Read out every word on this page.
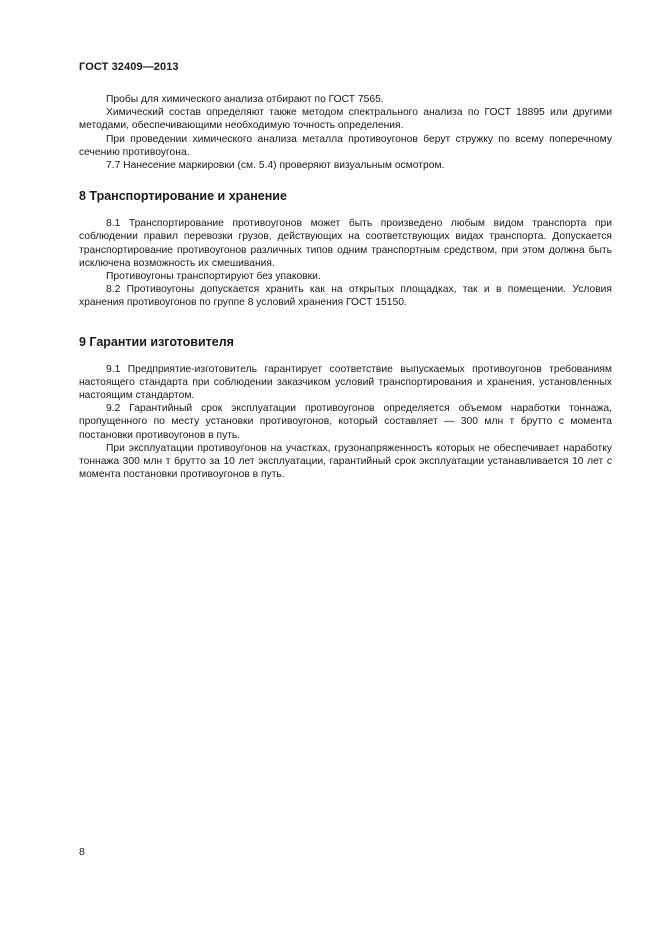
ГОСТ 32409—2013

Пробы для химического анализа отбирают по ГОСТ 7565.

Химический состав определяют также методом спектрального анализа по ГОСТ 18895 или другими методами, обеспечивающими необходимую точность определения.

При проведении химического анализа металла противоугонов берут стружку по всему поперечному сечению противоугона.

7.7 Нанесение маркировки (см. 5.4) проверяют визуальным осмотром.

8 Транспортирование и хранение

8.1 Транспортирование противоугонов может быть произведено любым видом транспорта при соблюдении правил перевозки грузов, действующих на соответствующих видах транспорта. Допускается транспортирование противоугонов различных типов одним транспортным средством, при этом должна быть исключена возможность их смешивания.

Противоугоны транспортируют без упаковки.

8.2 Противоугоны допускается хранить как на открытых площадках, так и в помещении. Условия хранения противоугонов по группе 8 условий хранения ГОСТ 15150.

9 Гарантии изготовителя

9.1 Предприятие-изготовитель гарантирует соответствие выпускаемых противоугонов требованиям настоящего стандарта при соблюдении заказчиком условий транспортирования и хранения, установленных настоящим стандартом.

9.2 Гарантийный срок эксплуатации противоугонов определяется объемом наработки тоннажа, пропущенного по месту установки противоугонов, который составляет — 300 млн т брутто с момента постановки противоугонов в путь.

При эксплуатации противоугонов на участках, грузонапряженность которых не обеспечивает наработку тоннажа 300 млн т брутто за 10 лет эксплуатации, гарантийный срок эксплуатации устанавливается 10 лет с момента постановки противоугонов в путь.

8
